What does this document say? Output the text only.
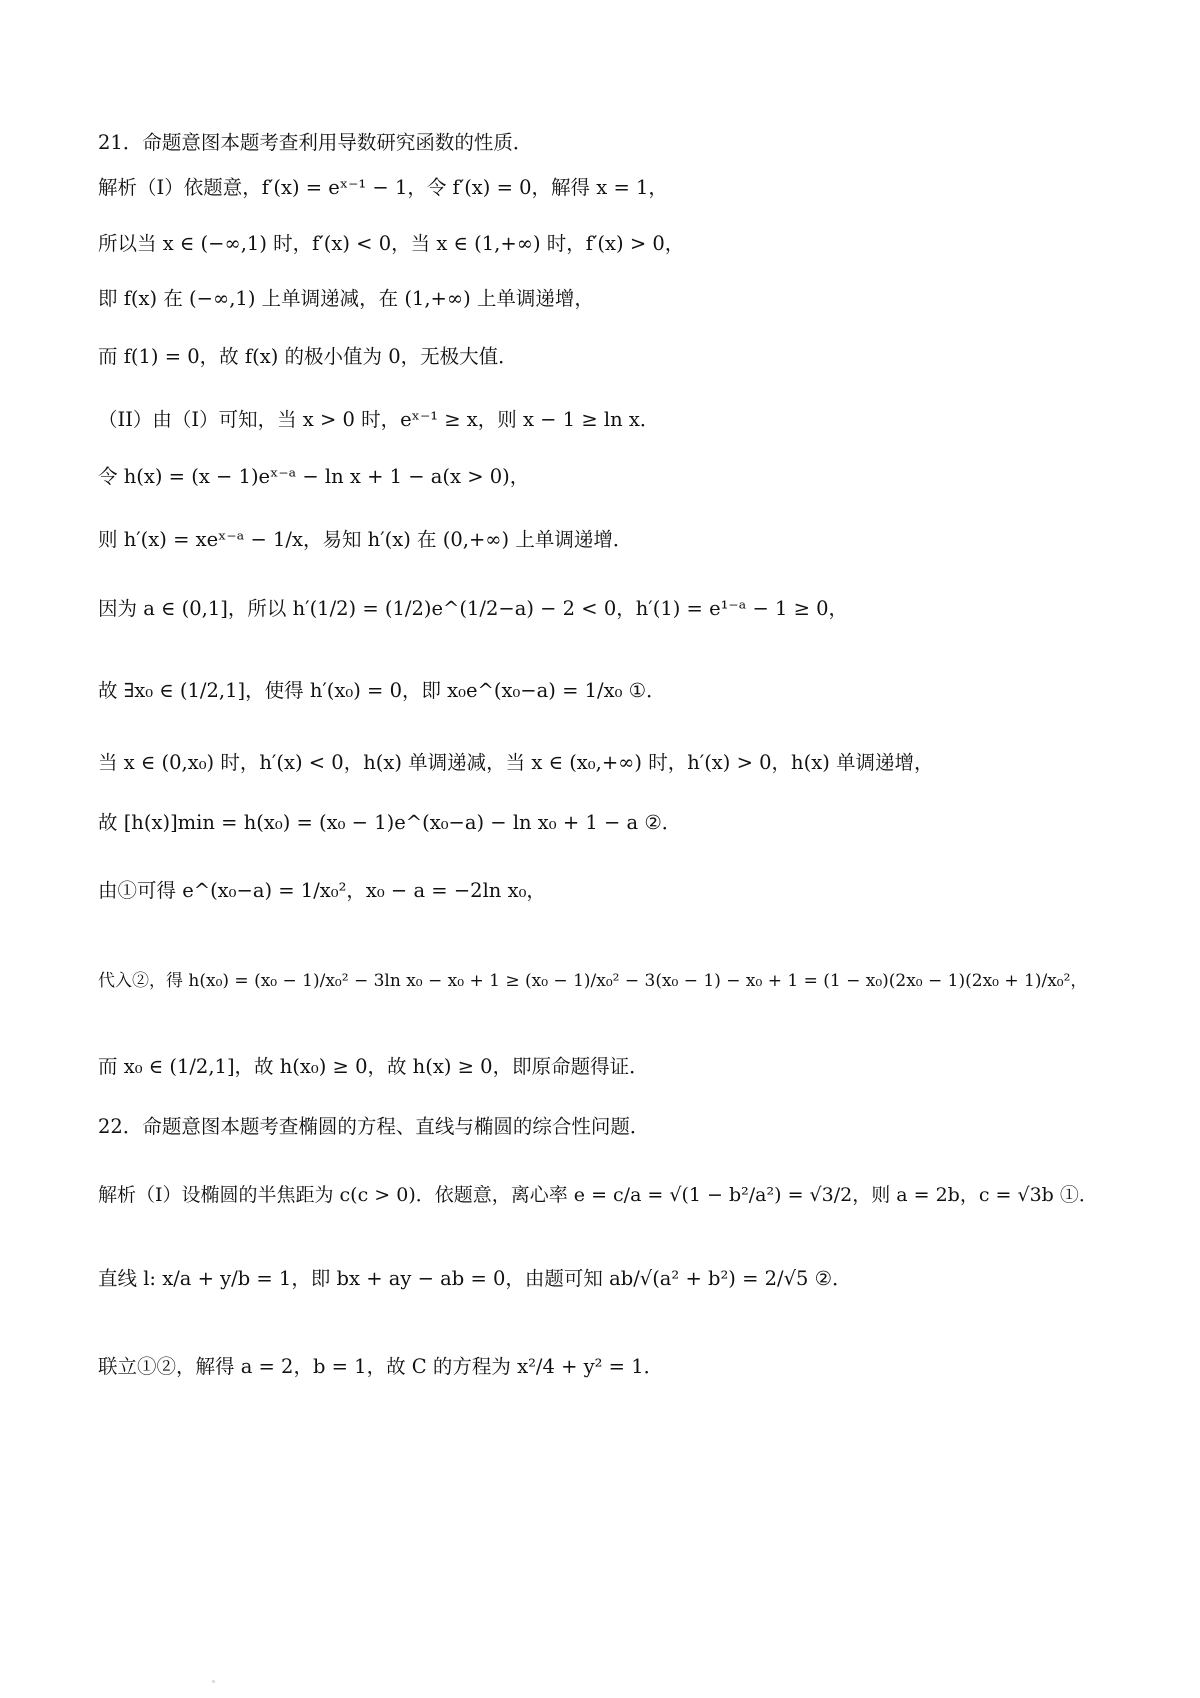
21．命题意图本题考查利用导数研究函数的性质．
解析（I）依题意，f′(x) = eˣ⁻¹ − 1，令 f′(x) = 0，解得 x = 1，
所以当 x ∈ (−∞,1) 时，f′(x) < 0，当 x ∈ (1,+∞) 时，f′(x) > 0，
即 f(x) 在 (−∞,1) 上单调递减，在 (1,+∞) 上单调递增，
而 f(1) = 0，故 f(x) 的极小值为 0，无极大值．
（II）由（I）可知，当 x > 0 时，eˣ⁻¹ ≥ x，则 x − 1 ≥ ln x．
令 h(x) = (x − 1)eˣ⁻ᵃ − ln x + 1 − a(x > 0)，
则 h′(x) = xeˣ⁻ᵃ − 1/x，易知 h′(x) 在 (0,+∞) 上单调递增．
因为 a ∈ (0,1]，所以 h′(1/2) = (1/2)e^(1/2−a) − 2 < 0，h′(1) = e¹⁻ᵃ − 1 ≥ 0，
故 ∃x₀ ∈ (1/2,1]，使得 h′(x₀) = 0，即 x₀e^(x₀−a) = 1/x₀ ①．
当 x ∈ (0,x₀) 时，h′(x) < 0，h(x) 单调递减，当 x ∈ (x₀,+∞) 时，h′(x) > 0，h(x) 单调递增，
故 [h(x)]min = h(x₀) = (x₀ − 1)e^(x₀−a) − ln x₀ + 1 − a ②．
由①可得 e^(x₀−a) = 1/x₀²，x₀ − a = −2ln x₀，
代入②，得 h(x₀) = (x₀ − 1)/x₀² − 3ln x₀ − x₀ + 1 ≥ (x₀ − 1)/x₀² − 3(x₀ − 1) − x₀ + 1 = (1 − x₀)(2x₀ − 1)(2x₀ + 1)/x₀²，
而 x₀ ∈ (1/2,1]，故 h(x₀) ≥ 0，故 h(x) ≥ 0，即原命题得证．
22．命题意图本题考查椭圆的方程、直线与椭圆的综合性问题．
解析（I）设椭圆的半焦距为 c(c > 0)．依题意，离心率 e = c/a = √(1 − b²/a²) = √3/2，则 a = 2b，c = √3b ①．
直线 l: x/a + y/b = 1，即 bx + ay − ab = 0，由题可知 ab/√(a² + b²) = 2/√5 ②．
联立①②，解得 a = 2，b = 1，故 C 的方程为 x²/4 + y² = 1．
